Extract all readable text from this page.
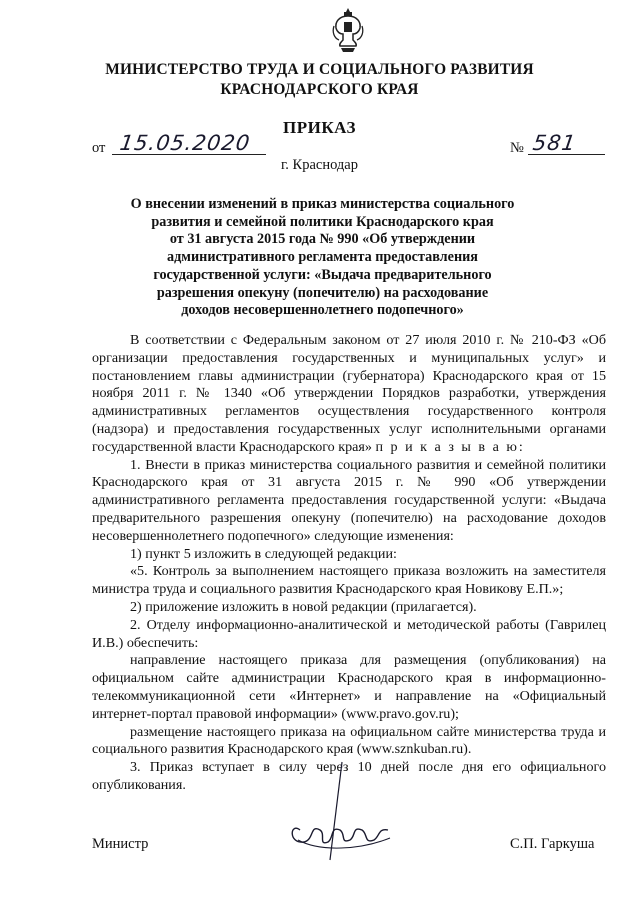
МИНИСТЕРСТВО ТРУДА И СОЦИАЛЬНОГО РАЗВИТИЯ
КРАСНОДАРСКОГО КРАЯ
ПРИКАЗ
от 15.05.2020	№ 581
г. Краснодар
О внесении изменений в приказ министерства социального
развития и семейной политики Краснодарского края
от 31 августа 2015 года № 990 «Об утверждении
административного регламента предоставления
государственной услуги: «Выдача предварительного
разрешения опекуну (попечителю) на расходование
доходов несовершеннолетнего подопечного»

В соответствии с Федеральным законом от 27 июля 2010 г. № 210-ФЗ «Об организации предоставления государственных и муниципальных услуг» и постановлением главы администрации (губернатора) Краснодарского края от 15 ноября 2011 г. № 1340 «Об утверждении Порядков разработки, утверждения административных регламентов осуществления государственного контроля (надзора) и предоставления государственных услуг исполнительными органами государственной власти Краснодарского края» п р и к а з ы в а ю:

1. Внести в приказ министерства социального развития и семейной политики Краснодарского края от 31 августа 2015 г. № 990 «Об утверждении административного регламента предоставления государственной услуги: «Выдача предварительного разрешения опекуну (попечителю) на расходование доходов несовершеннолетнего подопечного» следующие изменения:

1) пункт 5 изложить в следующей редакции:

«5. Контроль за выполнением настоящего приказа возложить на заместителя министра труда и социального развития Краснодарского края Новикову Е.П.»;

2) приложение изложить в новой редакции (прилагается).

2. Отделу информационно-аналитической и методической работы (Гаврилец И.В.) обеспечить:

направление настоящего приказа для размещения (опубликования) на официальном сайте администрации Краснодарского края в информационно-телекоммуникационной сети «Интернет» и направление на «Официальный интернет-портал правовой информации» (www.pravo.gov.ru);

размещение настоящего приказа на официальном сайте министерства труда и социального развития Краснодарского края (www.sznkuban.ru).

3. Приказ вступает в силу через 10 дней после дня его официального опубликования.

Министр	С.П. Гаркуша
